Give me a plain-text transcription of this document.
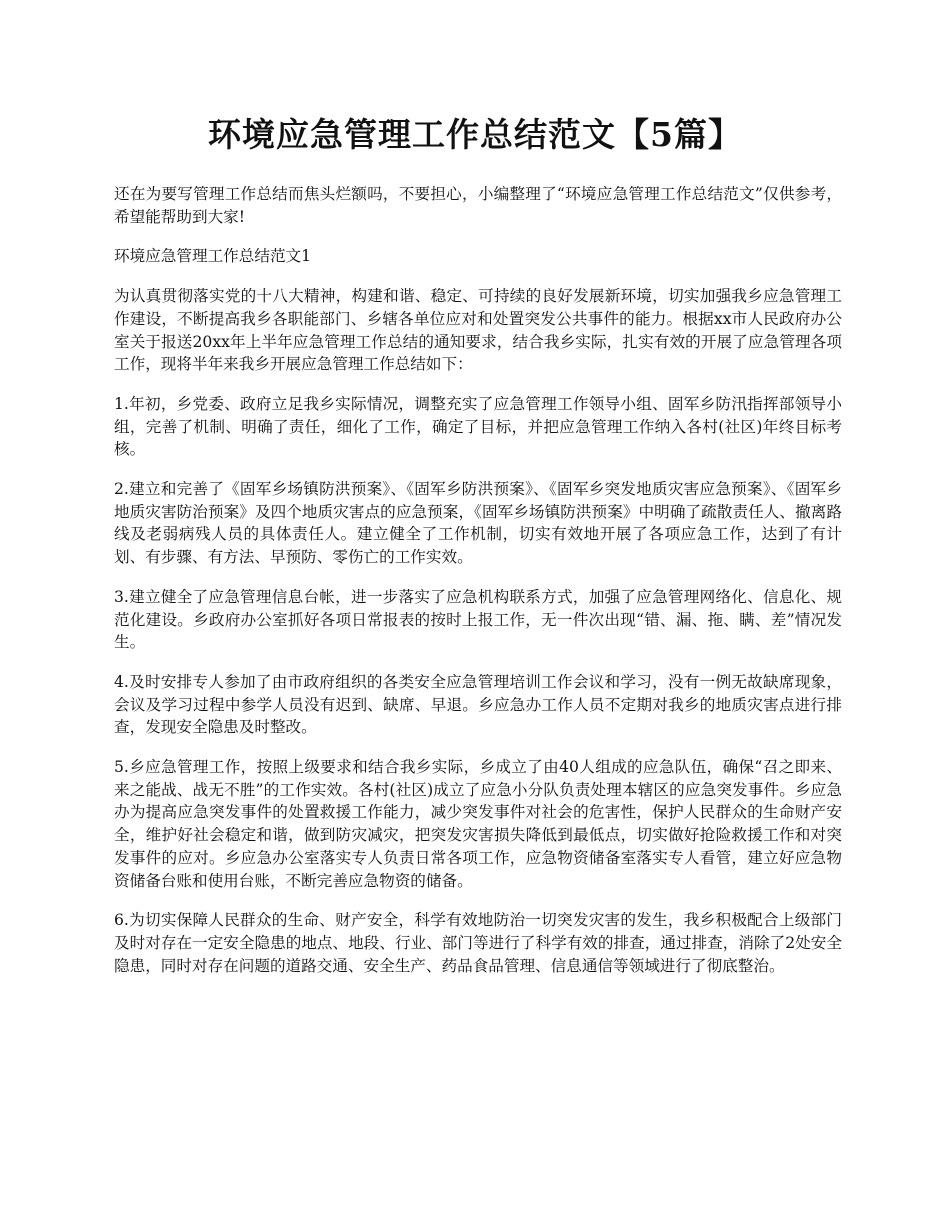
环境应急管理工作总结范文【5篇】

还在为要写管理工作总结而焦头烂额吗，不要担心，小编整理了“环境应急管理工作总结范文”仅供参考，希望能帮助到大家!

环境应急管理工作总结范文1

为认真贯彻落实党的十八大精神，构建和谐、稳定、可持续的良好发展新环境，切实加强我乡应急管理工作建设，不断提高我乡各职能部门、乡辖各单位应对和处置突发公共事件的能力。根据xx市人民政府办公室关于报送20xx年上半年应急管理工作总结的通知要求，结合我乡实际，扎实有效的开展了应急管理各项工作，现将半年来我乡开展应急管理工作总结如下：

1.年初，乡党委、政府立足我乡实际情况，调整充实了应急管理工作领导小组、固军乡防汛指挥部领导小组，完善了机制、明确了责任，细化了工作，确定了目标，并把应急管理工作纳入各村(社区)年终目标考核。

2.建立和完善了《固军乡场镇防洪预案》、《固军乡防洪预案》、《固军乡突发地质灾害应急预案》、《固军乡地质灾害防治预案》及四个地质灾害点的应急预案，《固军乡场镇防洪预案》中明确了疏散责任人、撤离路线及老弱病残人员的具体责任人。建立健全了工作机制，切实有效地开展了各项应急工作，达到了有计划、有步骤、有方法、早预防、零伤亡的工作实效。

3.建立健全了应急管理信息台帐，进一步落实了应急机构联系方式，加强了应急管理网络化、信息化、规范化建设。乡政府办公室抓好各项日常报表的按时上报工作，无一件次出现“错、漏、拖、瞒、差”情况发生。

4.及时安排专人参加了由市政府组织的各类安全应急管理培训工作会议和学习，没有一例无故缺席现象，会议及学习过程中参学人员没有迟到、缺席、早退。乡应急办工作人员不定期对我乡的地质灾害点进行排查，发现安全隐患及时整改。

5.乡应急管理工作，按照上级要求和结合我乡实际，乡成立了由40人组成的应急队伍，确保“召之即来、来之能战、战无不胜”的工作实效。各村(社区)成立了应急小分队负责处理本辖区的应急突发事件。乡应急办为提高应急突发事件的处置救援工作能力，减少突发事件对社会的危害性，保护人民群众的生命财产安全，维护好社会稳定和谐，做到防灾减灾，把突发灾害损失降低到最低点，切实做好抢险救援工作和对突发事件的应对。乡应急办公室落实专人负责日常各项工作，应急物资储备室落实专人看管，建立好应急物资储备台账和使用台账，不断完善应急物资的储备。

6.为切实保障人民群众的生命、财产安全，科学有效地防治一切突发灾害的发生，我乡积极配合上级部门及时对存在一定安全隐患的地点、地段、行业、部门等进行了科学有效的排查，通过排查，消除了2处安全隐患，同时对存在问题的道路交通、安全生产、药品食品管理、信息通信等领域进行了彻底整治。
